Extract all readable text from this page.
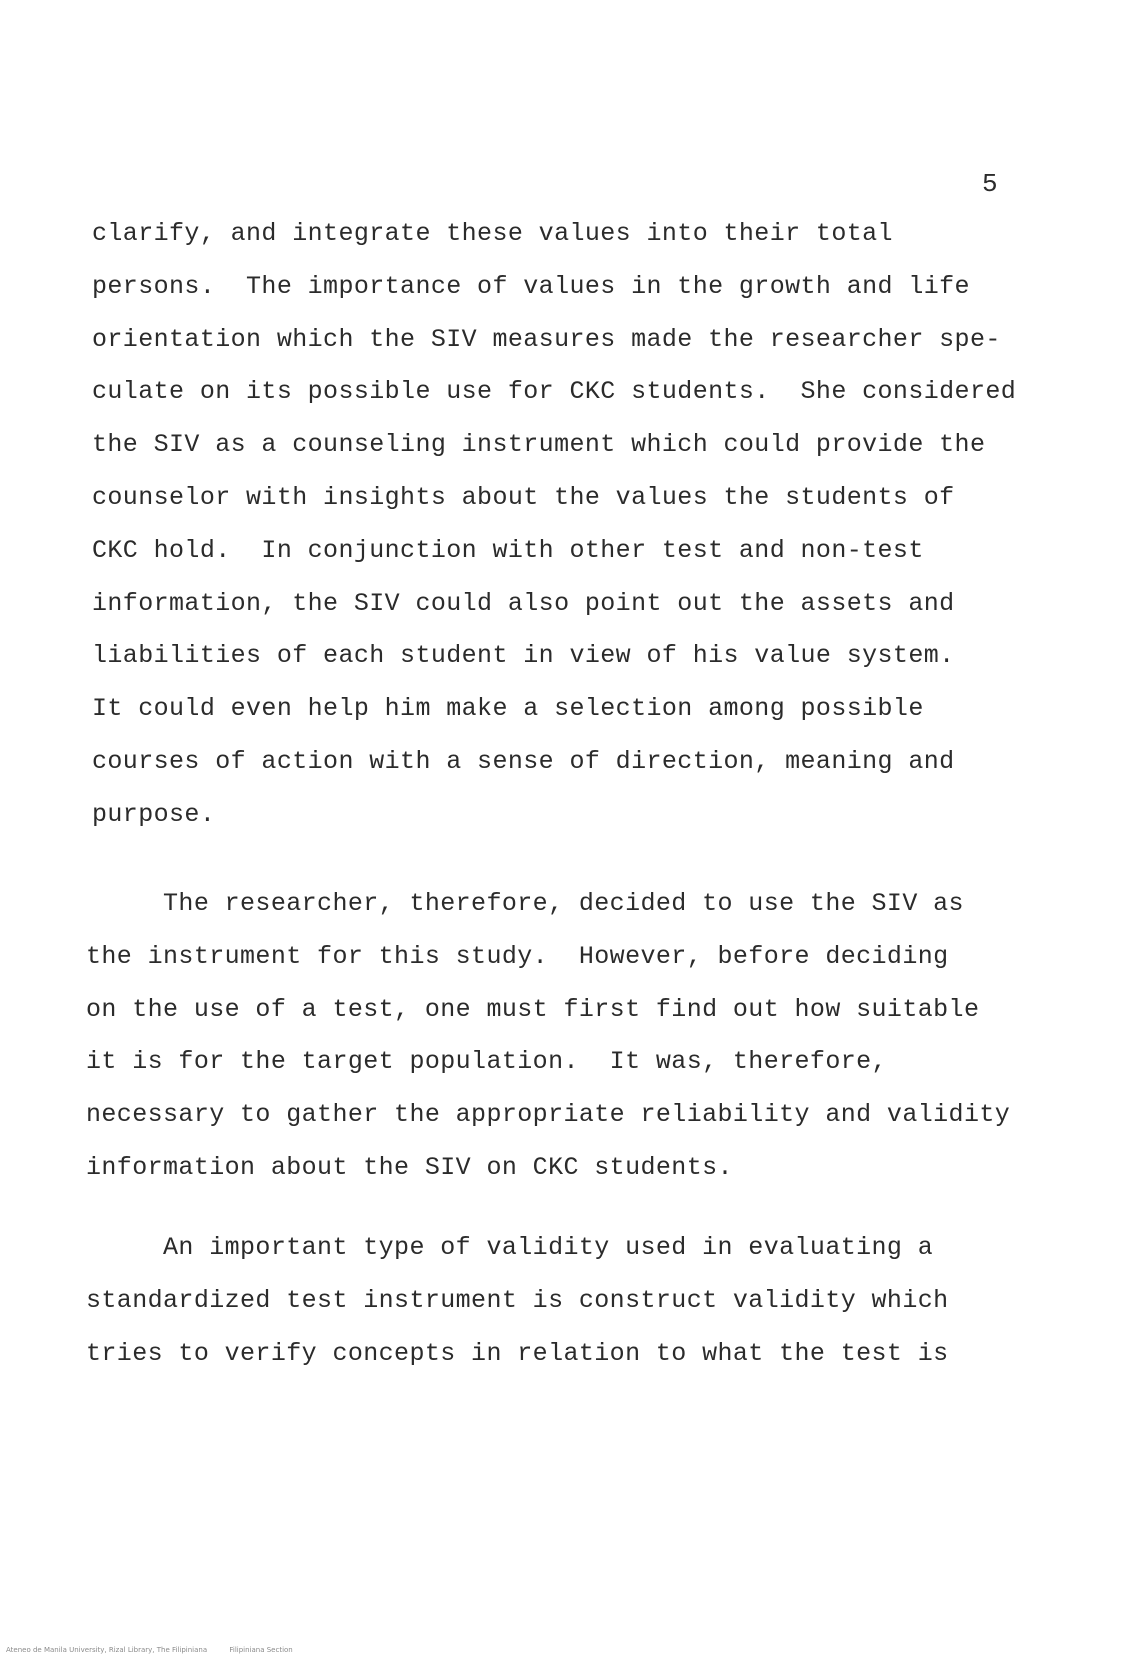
5
clarify, and integrate these values into their total
persons.  The importance of values in the growth and life
orientation which the SIV measures made the researcher spe-
culate on its possible use for CKC students.  She considered
the SIV as a counseling instrument which could provide the
counselor with insights about the values the students of
CKC hold.  In conjunction with other test and non-test
information, the SIV could also point out the assets and
liabilities of each student in view of his value system.
It could even help him make a selection among possible
courses of action with a sense of direction, meaning and
purpose.
The researcher, therefore, decided to use the SIV as
the instrument for this study.  However, before deciding
on the use of a test, one must first find out how suitable
it is for the target population.  It was, therefore,
necessary to gather the appropriate reliability and validity
information about the SIV on CKC students.
An important type of validity used in evaluating a
standardized test instrument is construct validity which
tries to verify concepts in relation to what the test is
Ateneo de Manila University, Rizal Library, The Filipiniana          Filipiniana Section
